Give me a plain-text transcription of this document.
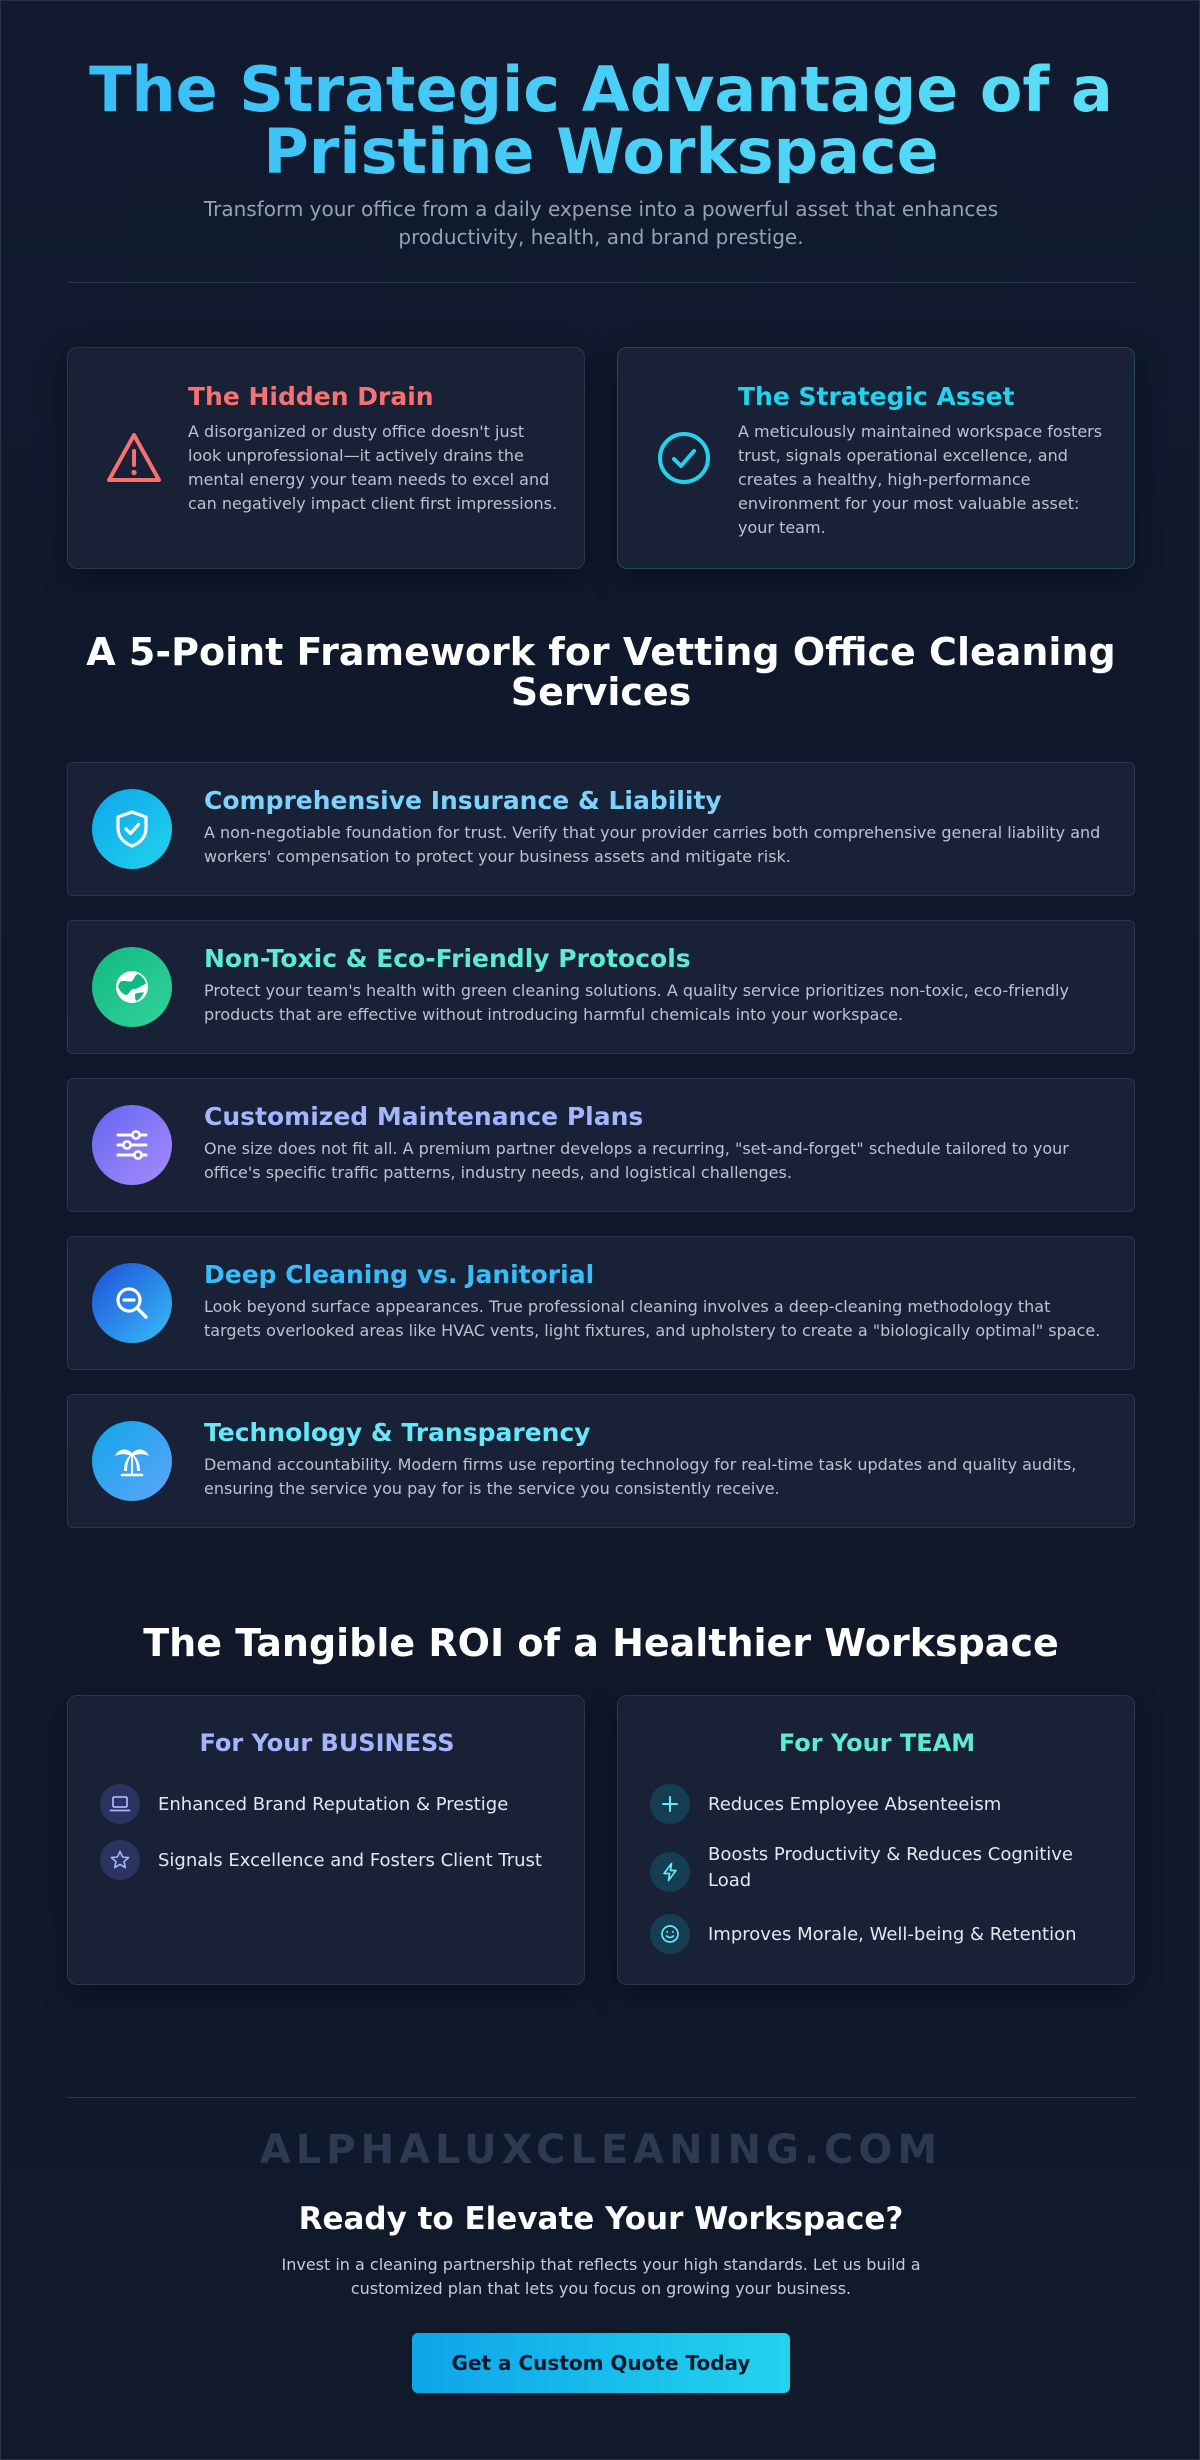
The Strategic Advantage of a Pristine Workspace

Transform your office from a daily expense into a powerful asset that enhances productivity, health, and brand prestige.

The Hidden Drain

A disorganized or dusty office doesn't just look unprofessional—it actively drains the mental energy your team needs to excel and can negatively impact client first impressions.

The Strategic Asset

A meticulously maintained workspace fosters trust, signals operational excellence, and creates a healthy, high-performance environment for your most valuable asset: your team.

A 5-Point Framework for Vetting Office Cleaning Services
Comprehensive Insurance & Liability

A non-negotiable foundation for trust. Verify that your provider carries both comprehensive general liability and workers' compensation to protect your business assets and mitigate risk.

Non-Toxic & Eco-Friendly Protocols

Protect your team's health with green cleaning solutions. A quality service prioritizes non-toxic, eco-friendly products that are effective without introducing harmful chemicals into your workspace.

Customized Maintenance Plans

One size does not fit all. A premium partner develops a recurring, "set-and-forget" schedule tailored to your office's specific traffic patterns, industry needs, and logistical challenges.

Deep Cleaning vs. Janitorial

Look beyond surface appearances. True professional cleaning involves a deep-cleaning methodology that targets overlooked areas like HVAC vents, light fixtures, and upholstery to create a "biologically optimal" space.

Technology & Transparency

Demand accountability. Modern firms use reporting technology for real-time task updates and quality audits, ensuring the service you pay for is the service you consistently receive.

The Tangible ROI of a Healthier Workspace
For Your BUSINESS
Enhanced Brand Reputation & Prestige
Signals Excellence and Fosters Client Trust
For Your TEAM
Reduces Employee Absenteeism
Boosts Productivity & Reduces Cognitive Load
Improves Morale, Well-being & Retention
ALPHALUXCLEANING.COM
Ready to Elevate Your Workspace?

Invest in a cleaning partnership that reflects your high standards. Let us build a customized plan that lets you focus on growing your business.

Get a Custom Quote Today
